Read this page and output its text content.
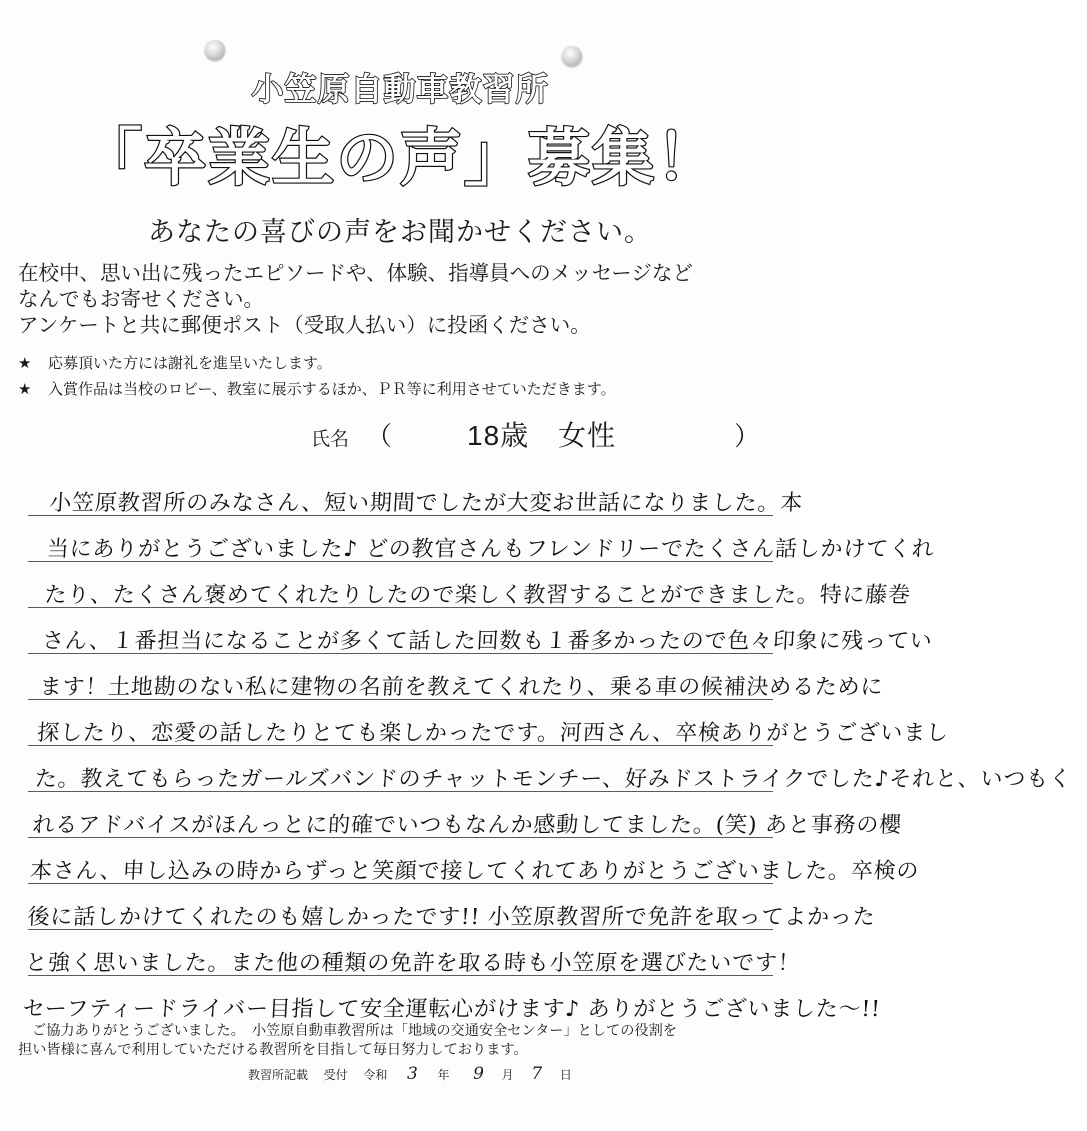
小笠原自動車教習所
「卒業生の声」募集！
あなたの喜びの声をお聞かせください。
在校中、思い出に残ったエピソードや、体験、指導員へのメッセージなど
なんでもお寄せください。
アンケートと共に郵便ポスト（受取人払い）に投函ください。
★ 応募頂いた方には謝礼を進呈いたします。
★ 入賞作品は当校のロビー、教室に展示するほか、ＰＲ等に利用させていただきます。
氏名 （	18歳　女性	）
小笠原教習所のみなさん、短い期間でしたが大変お世話になりました。本
当にありがとうございました♪ どの教官さんもフレンドリーでたくさん話しかけてくれ
たり、たくさん褒めてくれたりしたので楽しく教習することができました。特に藤巻
さん、１番担当になることが多くて話した回数も１番多かったので色々印象に残ってい
ます！土地勘のない私に建物の名前を教えてくれたり、乗る車の候補決めるために
探したり、恋愛の話したりとても楽しかったです。河西さん、卒検ありがとうございまし
た。教えてもらったガールズバンドのチャットモンチー、好みドストライクでした♪それと、いつもく
れるアドバイスがほんっとに的確でいつもなんか感動してました。(笑) あと事務の櫻
本さん、申し込みの時からずっと笑顔で接してくれてありがとうございました。卒検の
後に話しかけてくれたのも嬉しかったです!! 小笠原教習所で免許を取ってよかった
と強く思いました。また他の種類の免許を取る時も小笠原を選びたいです！
セーフティードライバー目指して安全運転心がけます♪ ありがとうございました〜!!
ご協力ありがとうございました。　小笠原自動車教習所は「地域の交通安全センター」としての役割を
担い皆様に喜んで利用していただける教習所を目指して毎日努力しております。
教習所記載 受付 令和 3 年 9 月 7 日
